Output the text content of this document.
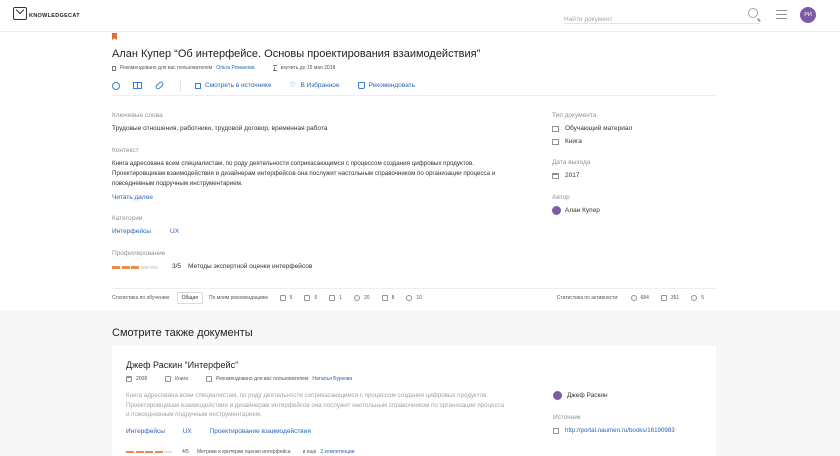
KNOWLEDGECAT
Найти документ	РИ
Алан Купер “Об интерфейсе. Основы проектирования взаимодействия”
Рекомендовано для вас пользователем Ольга Романова	изучить до 15 мая 2018
Смотреть в источнике	♡ В Избранное	Рекомендовать
Ключевые слова
Трудовые отношения, работники, трудовой договор, временная работа
Контекст
Книга адресована всем специалистам, по роду деятельности соприкасающимся с процессом создания цифровых продуктов. Проектировщикам взаимодействия и дизайнерам интерфейсов она послужит настольным справочником по организации процесса и повседневным подручным инструментарием.
Читать далее
Категории
Интерфейсы	UX
Профилирование
3/5 Методы экспертной оценки интерфейсов
Тип документа
Обучающий материал
Книга
Дата выхода
2017
Автор
Алан Купер
Статистика по обучению:	Общая	По моим рекомендациям	5	5	1	20	8	10	Статистика по активности:	684	351	5
Смотрите также документы
Джеф Раскин “Интерфейс”
2008	Книга	Рекомендовано для вас пользователем Наталья Буркова
Книга адресована всем специалистам, по роду деятельности соприкасающимся с процессом создания цифровых продуктов. Проектировщикам взаимодействия и дизайнерам интерфейсов она послужит настольным справочником по организации процесса и повседневным подручным инструментарием.
Интерфейсы	UX	Проектирование взаимодействия
4/5 Метрики и критерии оценки интерфейса и еще 2 компетенции
Джеф Раскин
Источник
http://portal.naumen.ru/books/16190983
